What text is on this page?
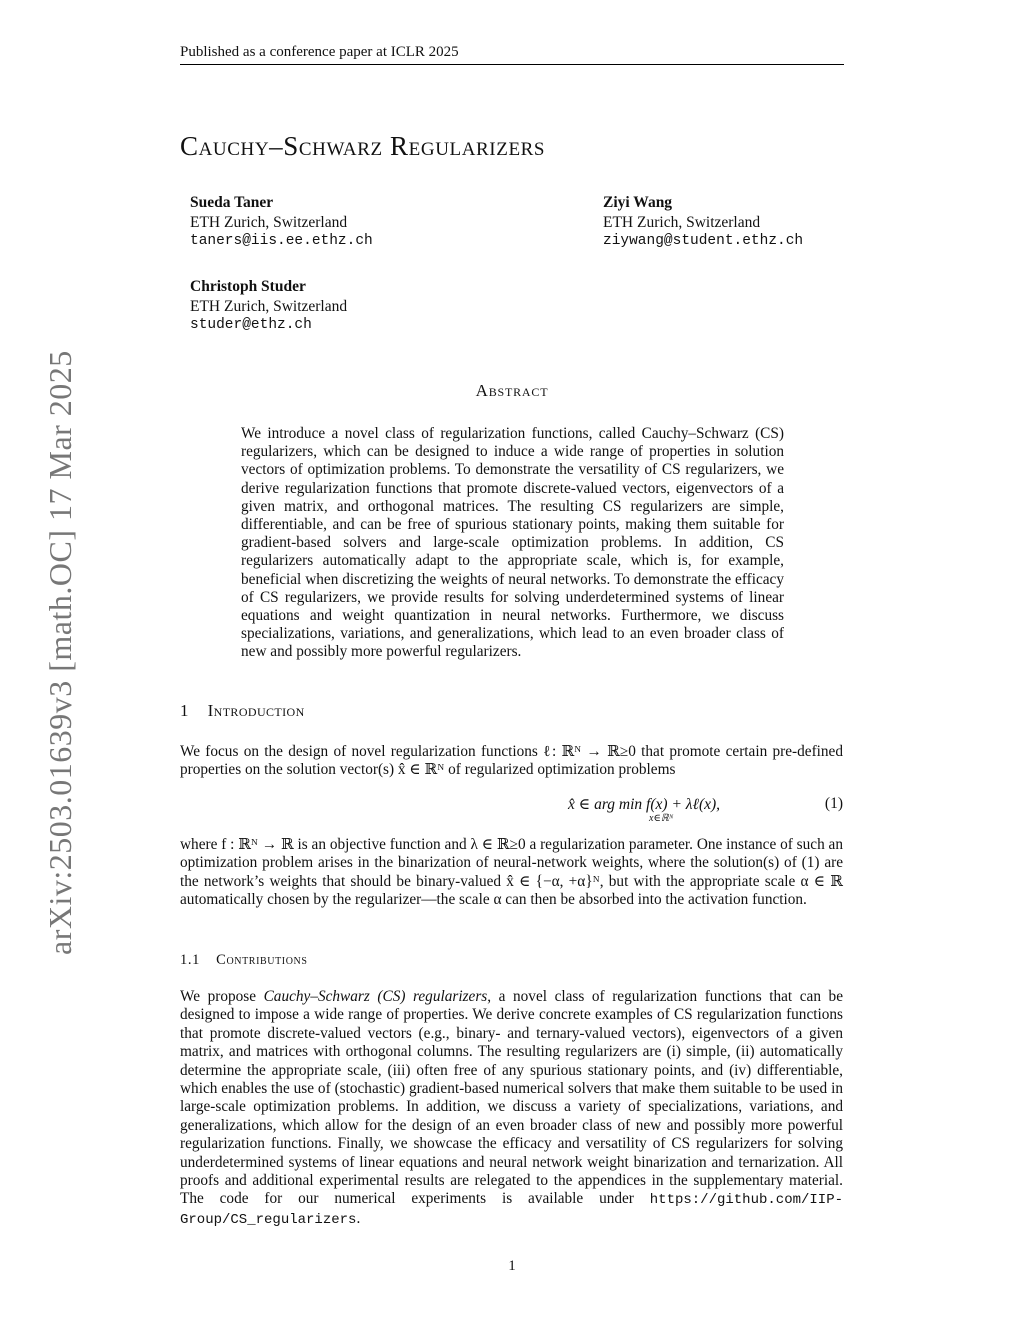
Published as a conference paper at ICLR 2025
arXiv:2503.01639v3 [math.OC] 17 Mar 2025
Cauchy–Schwarz Regularizers
Sueda Taner
ETH Zurich, Switzerland
taners@iis.ee.ethz.ch
Ziyi Wang
ETH Zurich, Switzerland
ziywang@student.ethz.ch
Christoph Studer
ETH Zurich, Switzerland
studer@ethz.ch
Abstract
We introduce a novel class of regularization functions, called Cauchy–Schwarz (CS) regularizers, which can be designed to induce a wide range of properties in solution vectors of optimization problems. To demonstrate the versatility of CS regularizers, we derive regularization functions that promote discrete-valued vectors, eigenvectors of a given matrix, and orthogonal matrices. The resulting CS regularizers are simple, differentiable, and can be free of spurious stationary points, making them suitable for gradient-based solvers and large-scale optimization problems. In addition, CS regularizers automatically adapt to the appropriate scale, which is, for example, beneficial when discretizing the weights of neural networks. To demonstrate the efficacy of CS regularizers, we provide results for solving underdetermined systems of linear equations and weight quantization in neural networks. Furthermore, we discuss specializations, variations, and generalizations, which lead to an even broader class of new and possibly more powerful regularizers.
1 Introduction
We focus on the design of novel regularization functions ℓ: ℝᴺ → ℝ≥0 that promote certain pre-defined properties on the solution vector(s) x̂ ∈ ℝᴺ of regularized optimization problems
x̂ ∈ arg min f(x) + λℓ(x),
x∈ℝᴺ
(1)
where f : ℝᴺ → ℝ is an objective function and λ ∈ ℝ≥0 a regularization parameter. One instance of such an optimization problem arises in the binarization of neural-network weights, where the solution(s) of (1) are the network’s weights that should be binary-valued x̂ ∈ {−α, +α}ᴺ, but with the appropriate scale α ∈ ℝ automatically chosen by the regularizer—the scale α can then be absorbed into the activation function.
1.1 Contributions
We propose Cauchy–Schwarz (CS) regularizers, a novel class of regularization functions that can be designed to impose a wide range of properties. We derive concrete examples of CS regularization functions that promote discrete-valued vectors (e.g., binary- and ternary-valued vectors), eigenvectors of a given matrix, and matrices with orthogonal columns. The resulting regularizers are (i) simple, (ii) automatically determine the appropriate scale, (iii) often free of any spurious stationary points, and (iv) differentiable, which enables the use of (stochastic) gradient-based numerical solvers that make them suitable to be used in large-scale optimization problems. In addition, we discuss a variety of specializations, variations, and generalizations, which allow for the design of an even broader class of new and possibly more powerful regularization functions. Finally, we showcase the efficacy and versatility of CS regularizers for solving underdetermined systems of linear equations and neural network weight binarization and ternarization. All proofs and additional experimental results are relegated to the appendices in the supplementary material. The code for our numerical experiments is available under https://github.com/IIP-Group/CS_regularizers.
1
